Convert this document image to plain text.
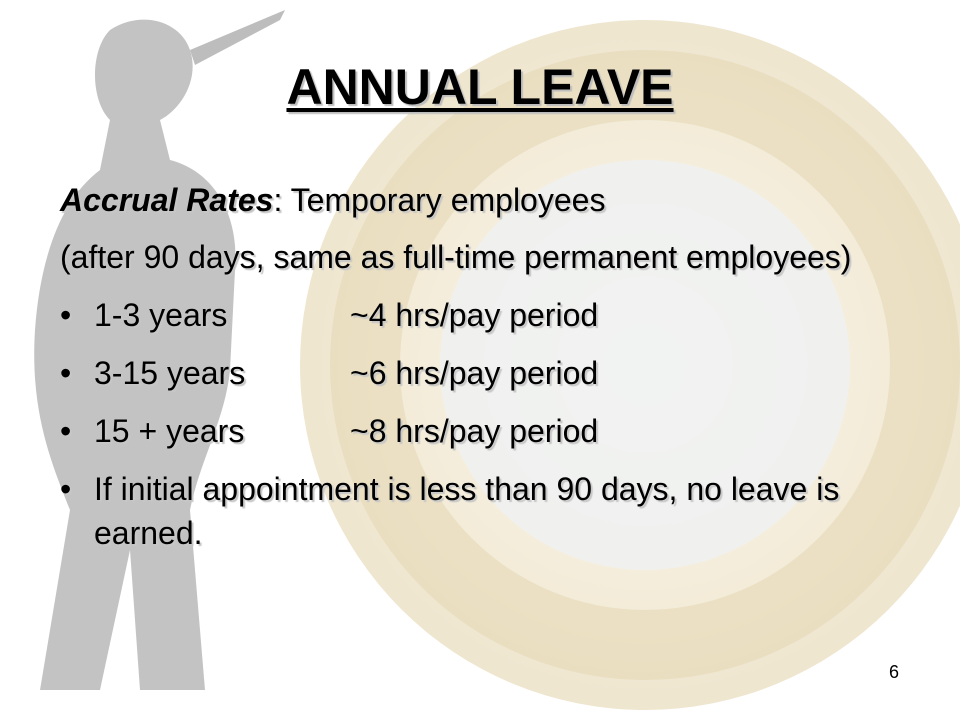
ANNUAL LEAVE
Accrual Rates: Temporary employees
(after 90 days, same as full-time permanent employees)
• 1-3 years	~4 hrs/pay period
• 3-15 years	~6 hrs/pay period
• 15 + years	~8 hrs/pay period
• If initial appointment is less than 90 days, no leave is earned.
6
